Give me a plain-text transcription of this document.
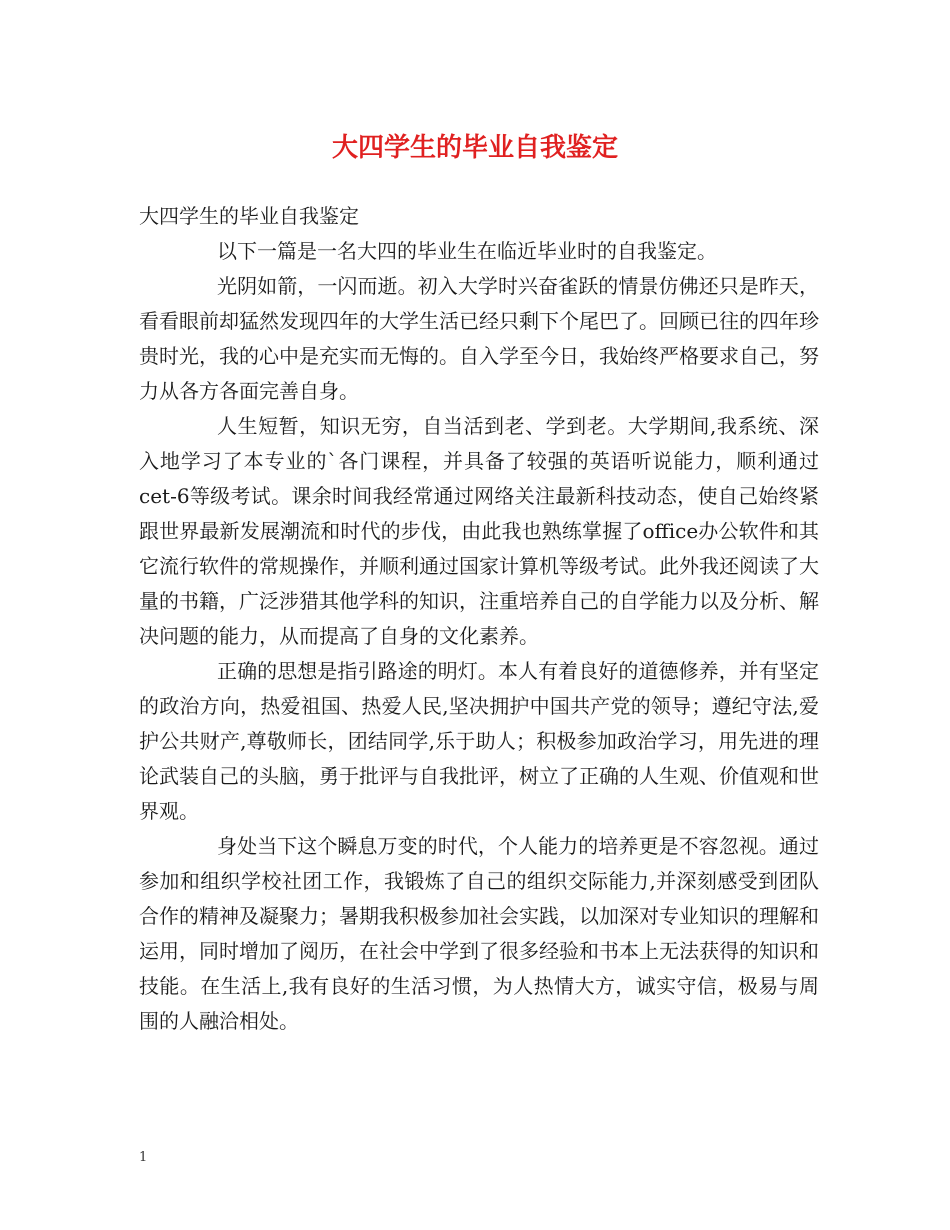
大四学生的毕业自我鉴定
大四学生的毕业自我鉴定

以下一篇是一名大四的毕业生在临近毕业时的自我鉴定。

光阴如箭，一闪而逝。初入大学时兴奋雀跃的情景仿佛还只是昨天，看看眼前却猛然发现四年的大学生活已经只剩下个尾巴了。回顾已往的四年珍贵时光，我的心中是充实而无悔的。自入学至今日，我始终严格要求自己，努力从各方各面完善自身。

人生短暂，知识无穷，自当活到老、学到老。大学期间,我系统、深入地学习了本专业的`各门课程，并具备了较强的英语听说能力，顺利通过cet-6等级考试。课余时间我经常通过网络关注最新科技动态，使自己始终紧跟世界最新发展潮流和时代的步伐，由此我也熟练掌握了office办公软件和其它流行软件的常规操作，并顺利通过国家计算机等级考试。此外我还阅读了大量的书籍，广泛涉猎其他学科的知识，注重培养自己的自学能力以及分析、解决问题的能力，从而提高了自身的文化素养。

正确的思想是指引路途的明灯。本人有着良好的道德修养，并有坚定的政治方向，热爱祖国、热爱人民,坚决拥护中国共产党的领导；遵纪守法,爱护公共财产,尊敬师长，团结同学,乐于助人；积极参加政治学习，用先进的理论武装自己的头脑，勇于批评与自我批评，树立了正确的人生观、价值观和世界观。

身处当下这个瞬息万变的时代，个人能力的培养更是不容忽视。通过参加和组织学校社团工作，我锻炼了自己的组织交际能力,并深刻感受到团队合作的精神及凝聚力；暑期我积极参加社会实践，以加深对专业知识的理解和运用，同时增加了阅历，在社会中学到了很多经验和书本上无法获得的知识和技能。在生活上,我有良好的生活习惯，为人热情大方，诚实守信，极易与周围的人融洽相处。

1
